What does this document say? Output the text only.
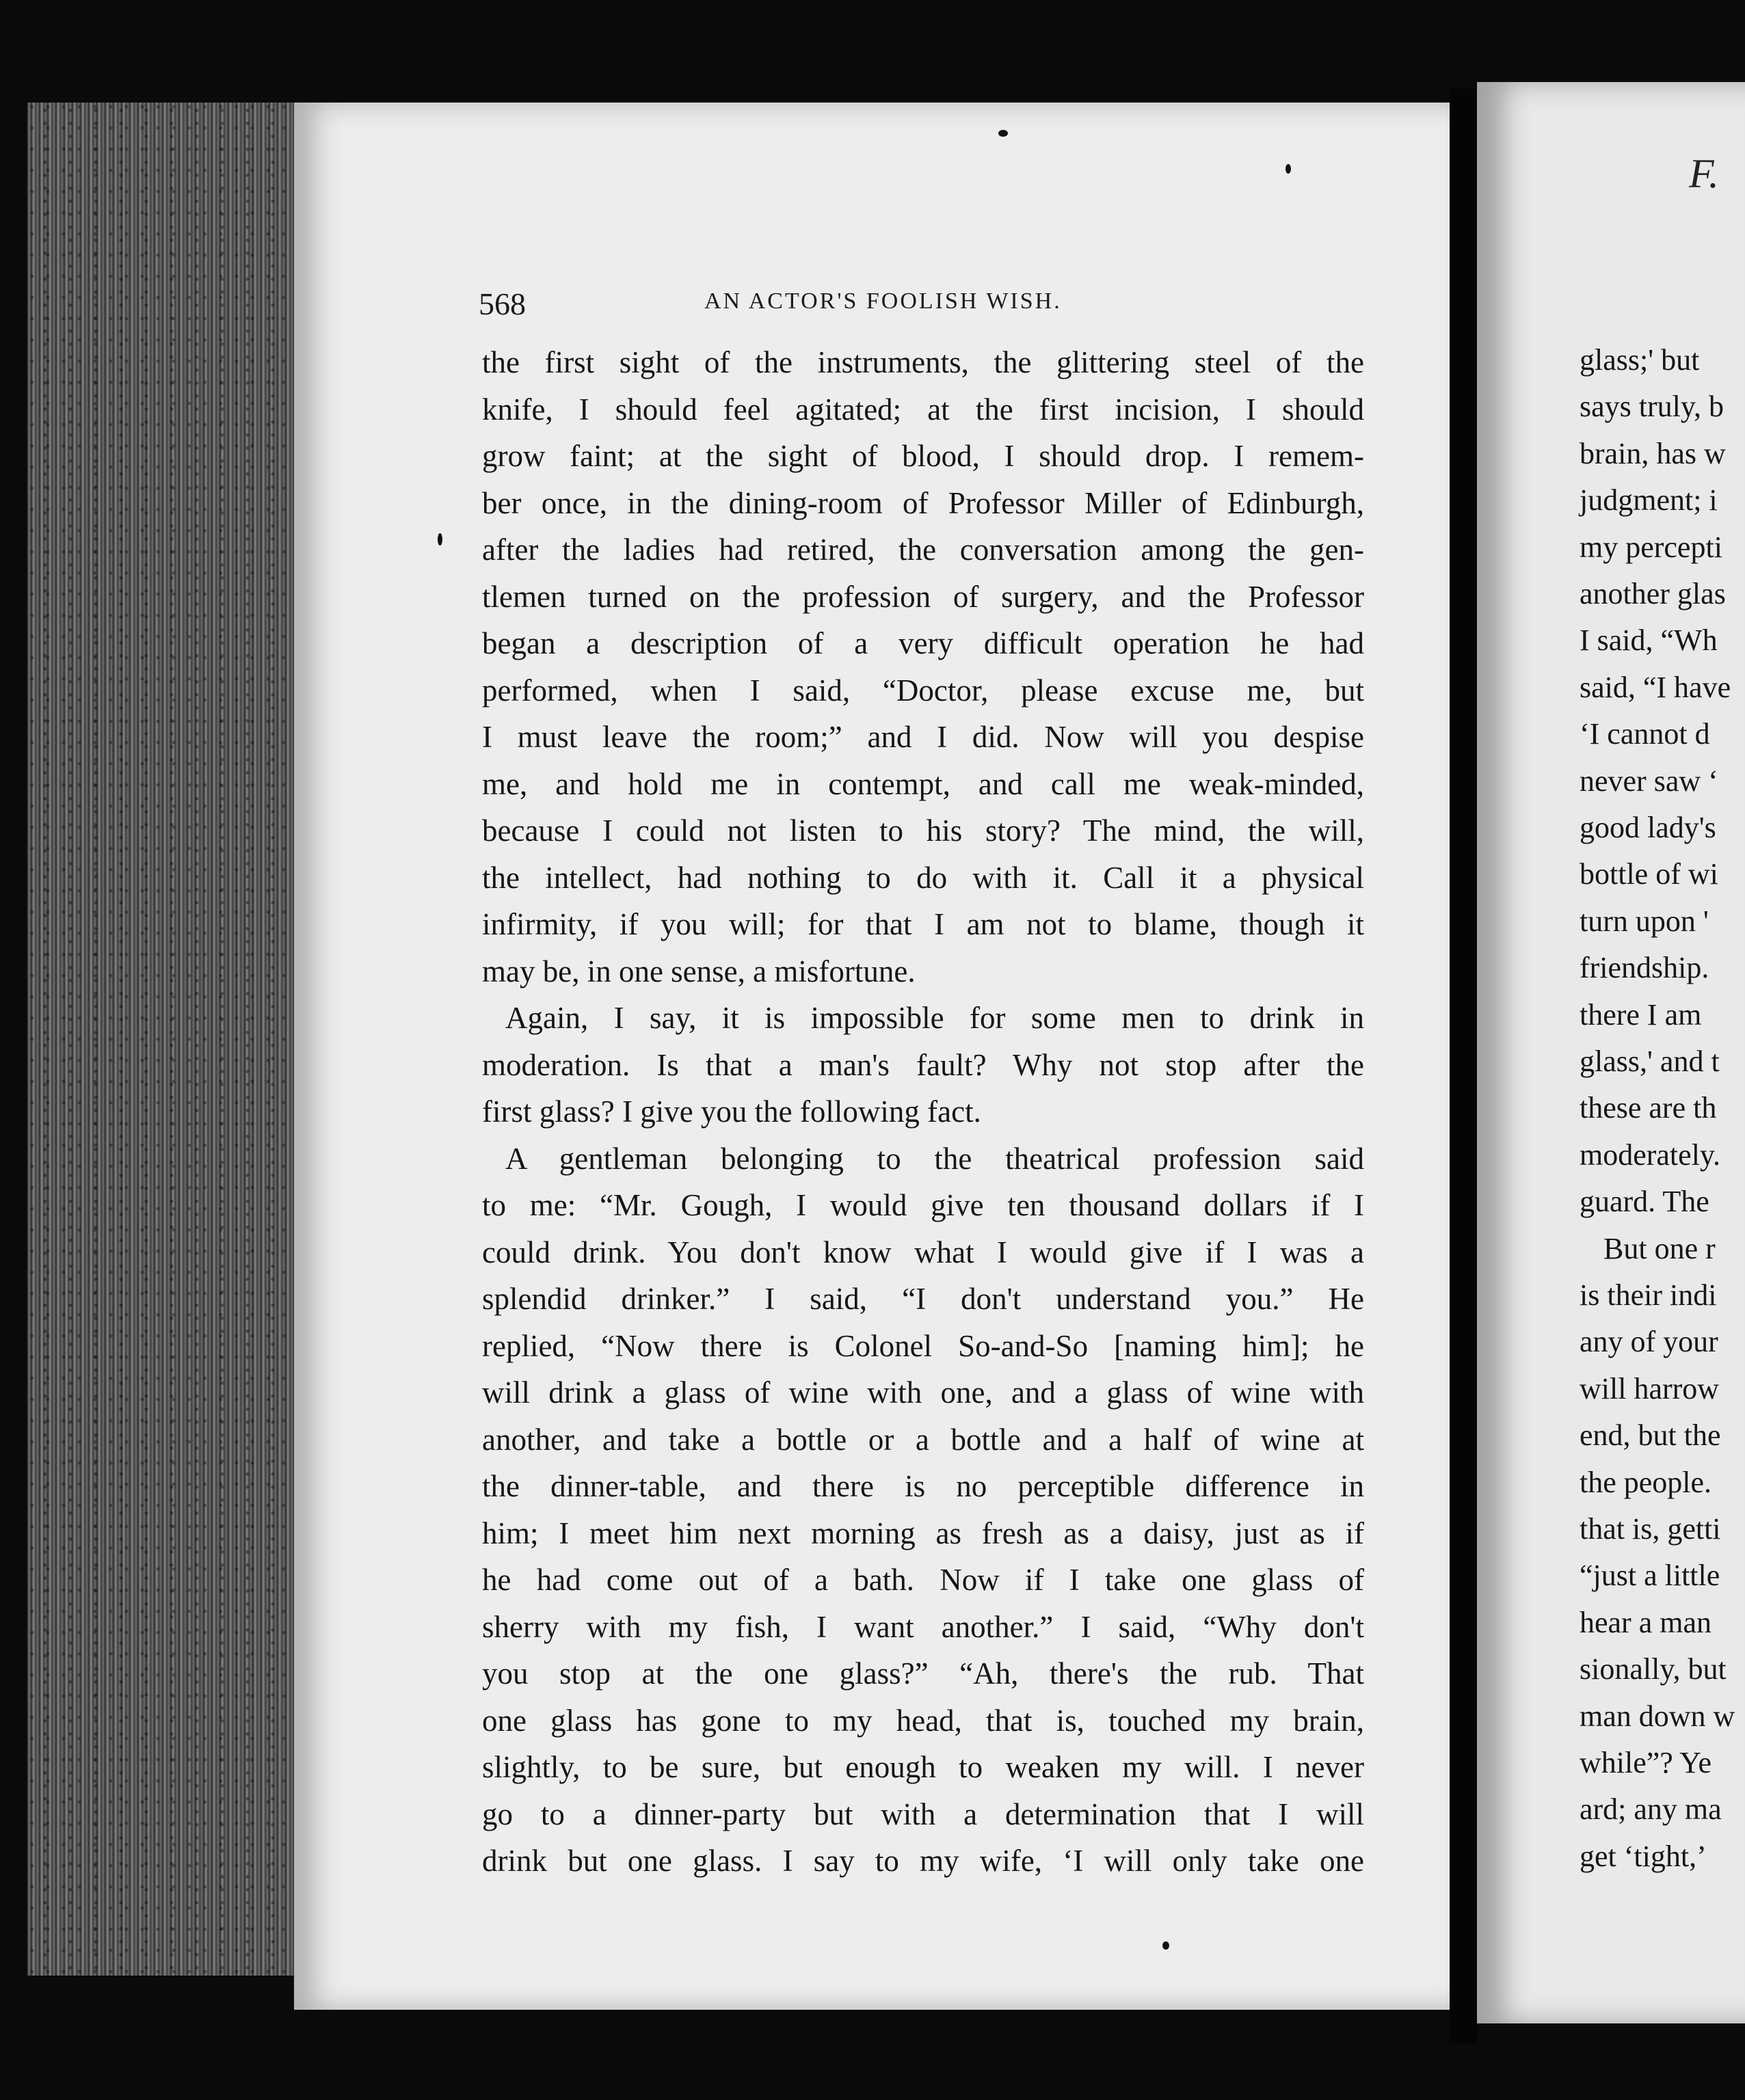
glass;' but
says truly, b
brain, has w
judgment; i
my percepti
another glas
I said, “Wh
said, “I have
‘I cannot d
never saw ‘
good lady's
bottle of wi
turn upon '
friendship.
there I am
glass,' and t
these are th
moderately.
guard. The
But one r
is their indi
any of your
will harrow
end, but the
the people.
that is, getti
“just a little
hear a man
sionally, but
man down w
while”? Ye
ard; any ma
get ‘tight,’
F.
568	AN ACTOR'S FOOLISH WISH.
the first sight of the instruments, the glittering steel of the
knife, I should feel agitated; at the first incision, I should
grow faint; at the sight of blood, I should drop. I remem-
ber once, in the dining-room of Professor Miller of Edinburgh,
after the ladies had retired, the conversation among the gen-
tlemen turned on the profession of surgery, and the Professor
began a description of a very difficult operation he had
performed, when I said, “Doctor, please excuse me, but
I must leave the room;” and I did. Now will you despise
me, and hold me in contempt, and call me weak-minded,
because I could not listen to his story? The mind, the will,
the intellect, had nothing to do with it. Call it a physical
infirmity, if you will; for that I am not to blame, though it
may be, in one sense, a misfortune.
Again, I say, it is impossible for some men to drink in
moderation. Is that a man's fault? Why not stop after the
first glass? I give you the following fact.
A gentleman belonging to the theatrical profession said
to me: “Mr. Gough, I would give ten thousand dollars if I
could drink. You don't know what I would give if I was a
splendid drinker.” I said, “I don't understand you.” He
replied, “Now there is Colonel So-and-So [naming him]; he
will drink a glass of wine with one, and a glass of wine with
another, and take a bottle or a bottle and a half of wine at
the dinner-table, and there is no perceptible difference in
him; I meet him next morning as fresh as a daisy, just as if
he had come out of a bath. Now if I take one glass of
sherry with my fish, I want another.” I said, “Why don't
you stop at the one glass?” “Ah, there's the rub. That
one glass has gone to my head, that is, touched my brain,
slightly, to be sure, but enough to weaken my will. I never
go to a dinner-party but with a determination that I will
drink but one glass. I say to my wife, ‘I will only take one
